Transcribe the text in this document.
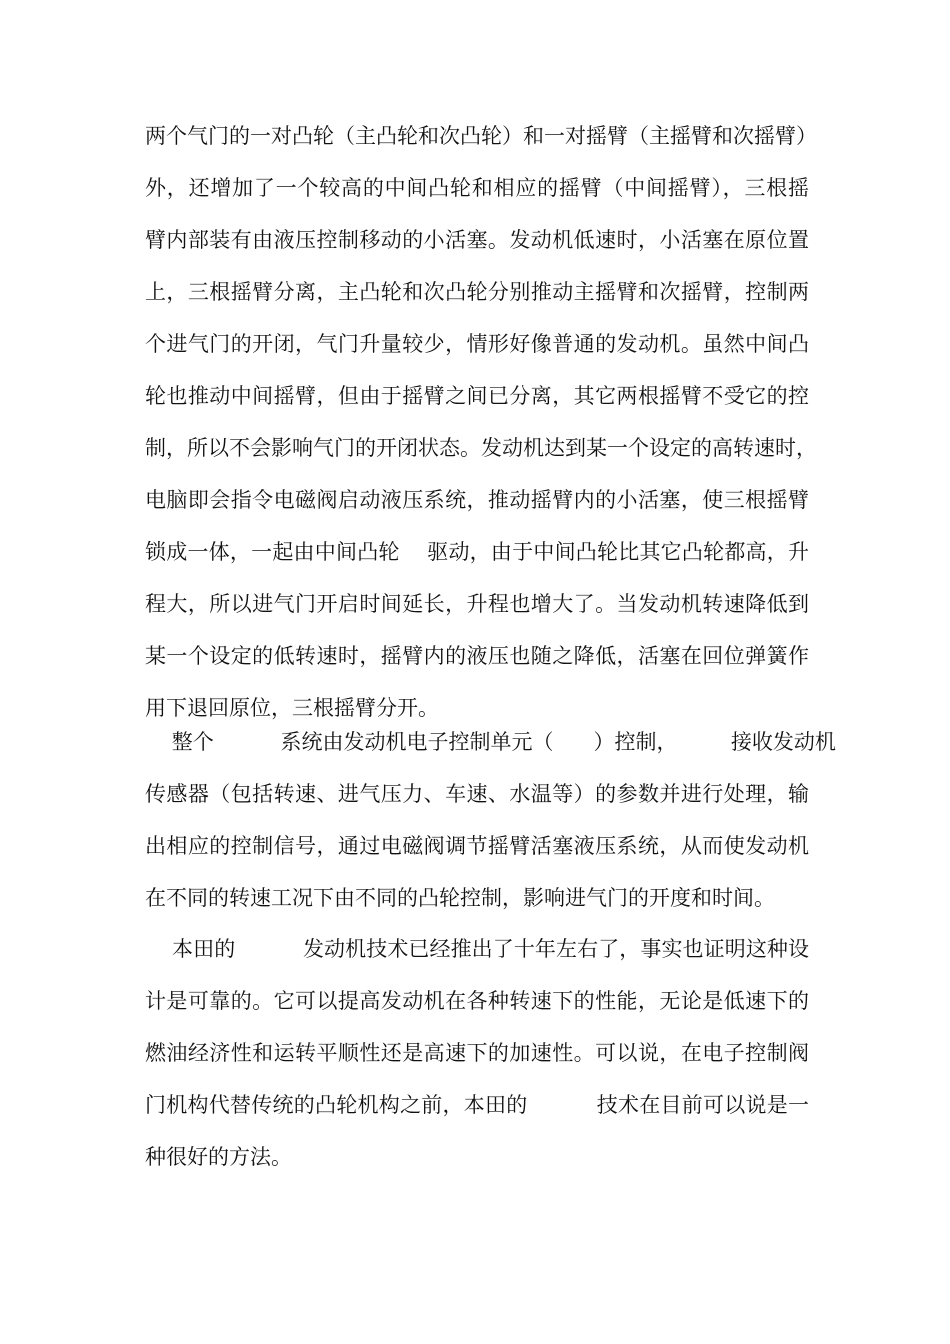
两个气门的一对凸轮（主凸轮和次凸轮）和一对摇臂（主摇臂和次摇臂）
外，还增加了一个较高的中间凸轮和相应的摇臂（中间摇臂），三根摇
臂内部装有由液压控制移动的小活塞。发动机低速时，小活塞在原位置
上，三根摇臂分离，主凸轮和次凸轮分别推动主摇臂和次摇臂，控制两
个进气门的开闭，气门升量较少，情形好像普通的发动机。虽然中间凸
轮也推动中间摇臂，但由于摇臂之间已分离，其它两根摇臂不受它的控
制，所以不会影响气门的开闭状态。发动机达到某一个设定的高转速时，
电脑即会指令电磁阀启动液压系统，推动摇臂内的小活塞，使三根摇臂
锁成一体，一起由中间凸轮    驱动，由于中间凸轮比其它凸轮都高，升
程大，所以进气门开启时间延长，升程也增大了。当发动机转速降低到
某一个设定的低转速时，摇臂内的液压也随之降低，活塞在回位弹簧作
用下退回原位，三根摇臂分开。
整个          系统由发动机电子控制单元（      ）控制，        接收发动机
传感器（包括转速、进气压力、车速、水温等）的参数并进行处理，输
出相应的控制信号，通过电磁阀调节摇臂活塞液压系统，从而使发动机
在不同的转速工况下由不同的凸轮控制，影响进气门的开度和时间。
本田的          发动机技术已经推出了十年左右了，事实也证明这种设
计是可靠的。它可以提高发动机在各种转速下的性能，无论是低速下的
燃油经济性和运转平顺性还是高速下的加速性。可以说，在电子控制阀
门机构代替传统的凸轮机构之前，本田的          技术在目前可以说是一
种很好的方法。
